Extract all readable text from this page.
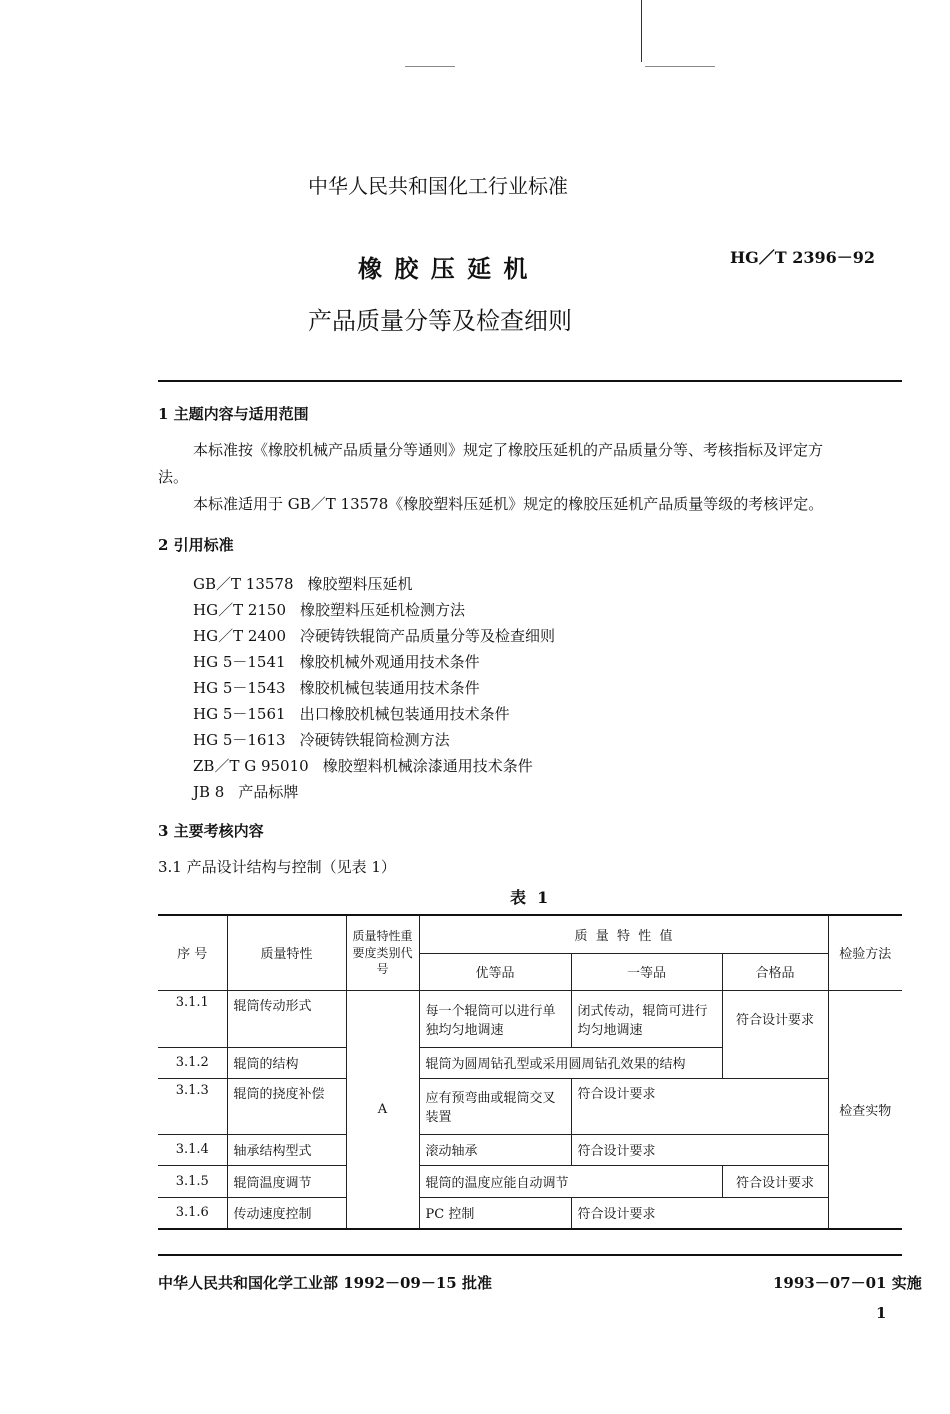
中华人民共和国化工行业标准
橡 胶 压 延 机	HG／T 2396－92
产品质量分等及检查细则
1 主题内容与适用范围
本标准按《橡胶机械产品质量分等通则》规定了橡胶压延机的产品质量分等、考核指标及评定方
法。
本标准适用于 GB／T 13578《橡胶塑料压延机》规定的橡胶压延机产品质量等级的考核评定。
2 引用标准
GB／T 13578 橡胶塑料压延机
HG／T 2150 橡胶塑料压延机检测方法
HG／T 2400 冷硬铸铁辊筒产品质量分等及检查细则
HG 5－1541 橡胶机械外观通用技术条件
HG 5－1543 橡胶机械包装通用技术条件
HG 5－1561 出口橡胶机械包装通用技术条件
HG 5－1613 冷硬铸铁辊筒检测方法
ZB／T G 95010 橡胶塑料机械涂漆通用技术条件
JB 8 产品标牌
3 主要考核内容
3.1 产品设计结构与控制（见表 1）
表  1
序 号	质量特性	质量特性重要度类别代号	质  量  特  性  值			检验方法
			优等品	一等品	合格品	
3.1.1	辊筒传动形式	A	每一个辊筒可以进行单独均匀地调速	闭式传动，辊筒可进行均匀地调速	符合设计要求	检查实物
3.1.2	辊筒的结构		辊筒为圆周钻孔型或采用圆周钻孔效果的结构			
3.1.3	辊筒的挠度补偿		应有预弯曲或辊筒交叉装置	符合设计要求		
3.1.4	轴承结构型式		滚动轴承	符合设计要求		
3.1.5	辊筒温度调节		辊筒的温度应能自动调节		符合设计要求	
3.1.6	传动速度控制		PC 控制	符合设计要求		
中华人民共和国化学工业部 1992－09－15 批准	1993－07－01 实施
1
